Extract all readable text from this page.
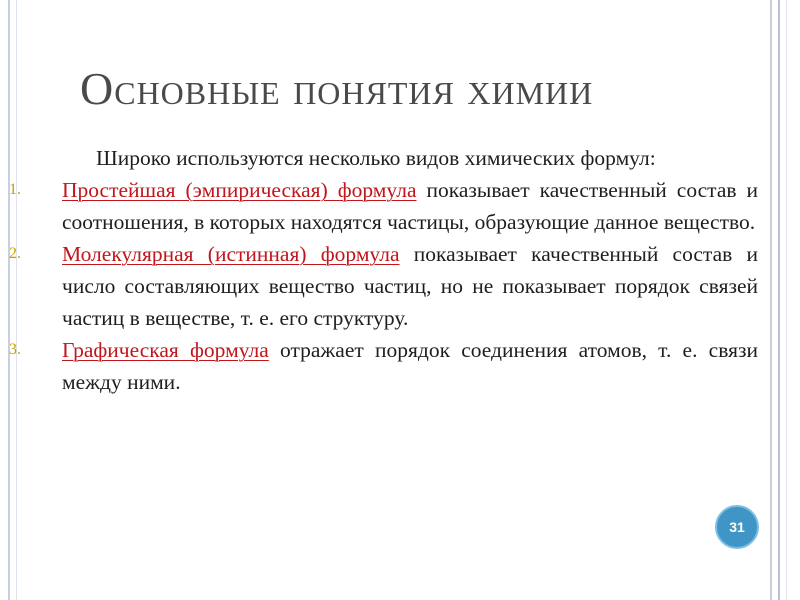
Основные понятия химии

Широко используются несколько видов химических формул:

1. Простейшая (эмпирическая) формула показывает качественный состав и соотношения, в которых находятся частицы, образующие данное вещество.
2. Молекулярная (истинная) формула показывает качественный состав и число составляющих вещество частиц, но не показывает порядок связей частиц в веществе, т. е. его структуру.
3. Графическая формула отражает порядок соединения атомов, т. е. связи между ними.
31
